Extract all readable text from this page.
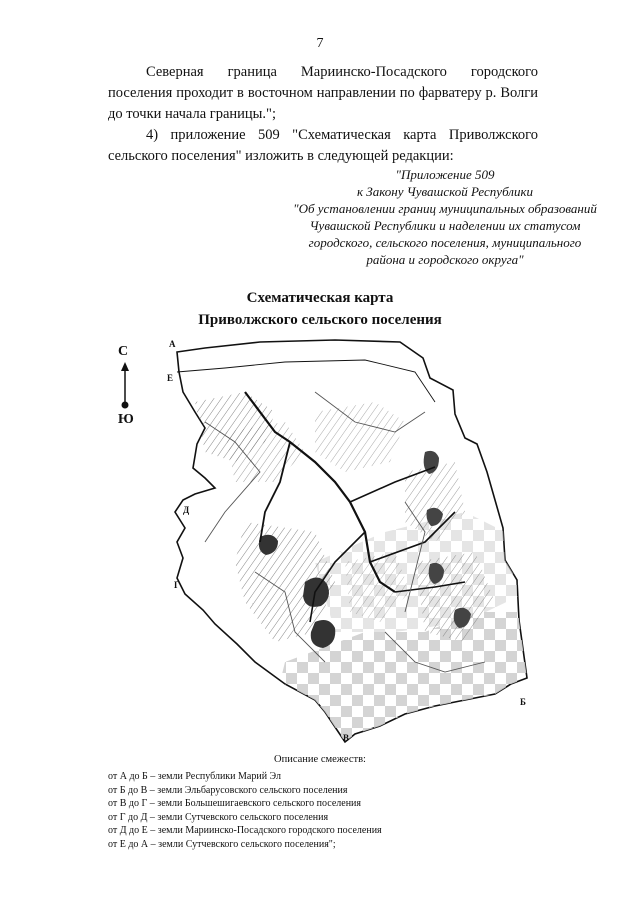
7
Северная граница Мариинско-Посадского городского поселения проходит в восточном направлении по фарватеру р. Волги до точки начала границы.";
4) приложение 509 "Схематическая карта Приволжского сельского поселения" изложить в следующей редакции:
"Приложение 509
к Закону Чувашской Республики
"Об установлении границ муниципальных образований
Чувашской Республики и наделении их статусом
городского, сельского поселения, муниципального
района и городского округа"
Схематическая карта
Приволжского сельского поселения
С
Ю
А
Е
Д
Г
Б
В
Описание смежеств:
от А до Б – земли Республики Марий Эл
от Б до В – земли Эльбарусовского сельского поселения
от В до Г – земли Большешигаевского сельского поселения
от Г до Д – земли Сутчевского сельского поселения
от Д до Е – земли Мариинско-Посадского городского поселения
от Е до А – земли Сутчевского сельского поселения";
